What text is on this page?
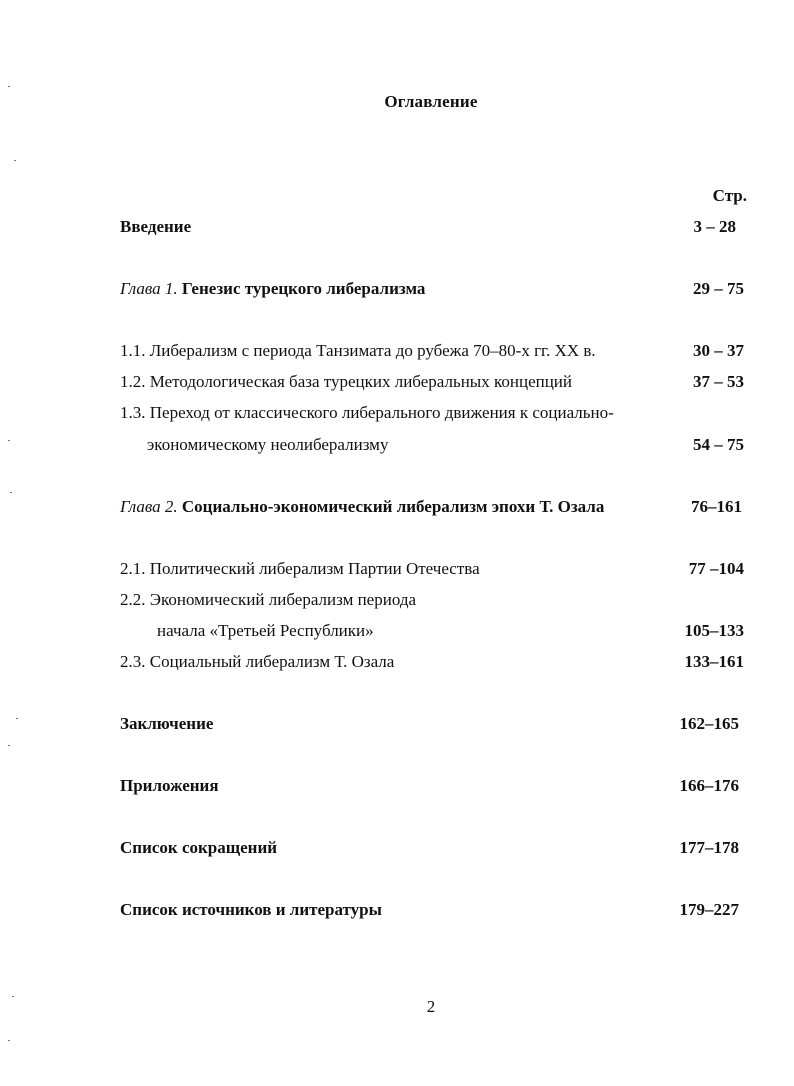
Оглавление
Стр.
Введение	3 – 28
Глава 1. Генезис турецкого либерализма	29 – 75
1.1. Либерализм с периода Танзимата до рубежа 70–80-х гг. XX в.	30 – 37
1.2. Методологическая база турецких либеральных концепций	37 – 53
1.3. Переход от классического либерального движения к социально-
экономическому неолиберализму	54 – 75
Глава 2. Социально-экономический либерализм эпохи Т. Озала	76–161
2.1. Политический либерализм Партии Отечества	77 –104
2.2. Экономический либерализм периода
начала «Третьей Республики»	105–133
2.3. Социальный либерализм Т. Озала	133–161
Заключение	162–165
Приложения	166–176
Список сокращений	177–178
Список источников и литературы	179–227
2
